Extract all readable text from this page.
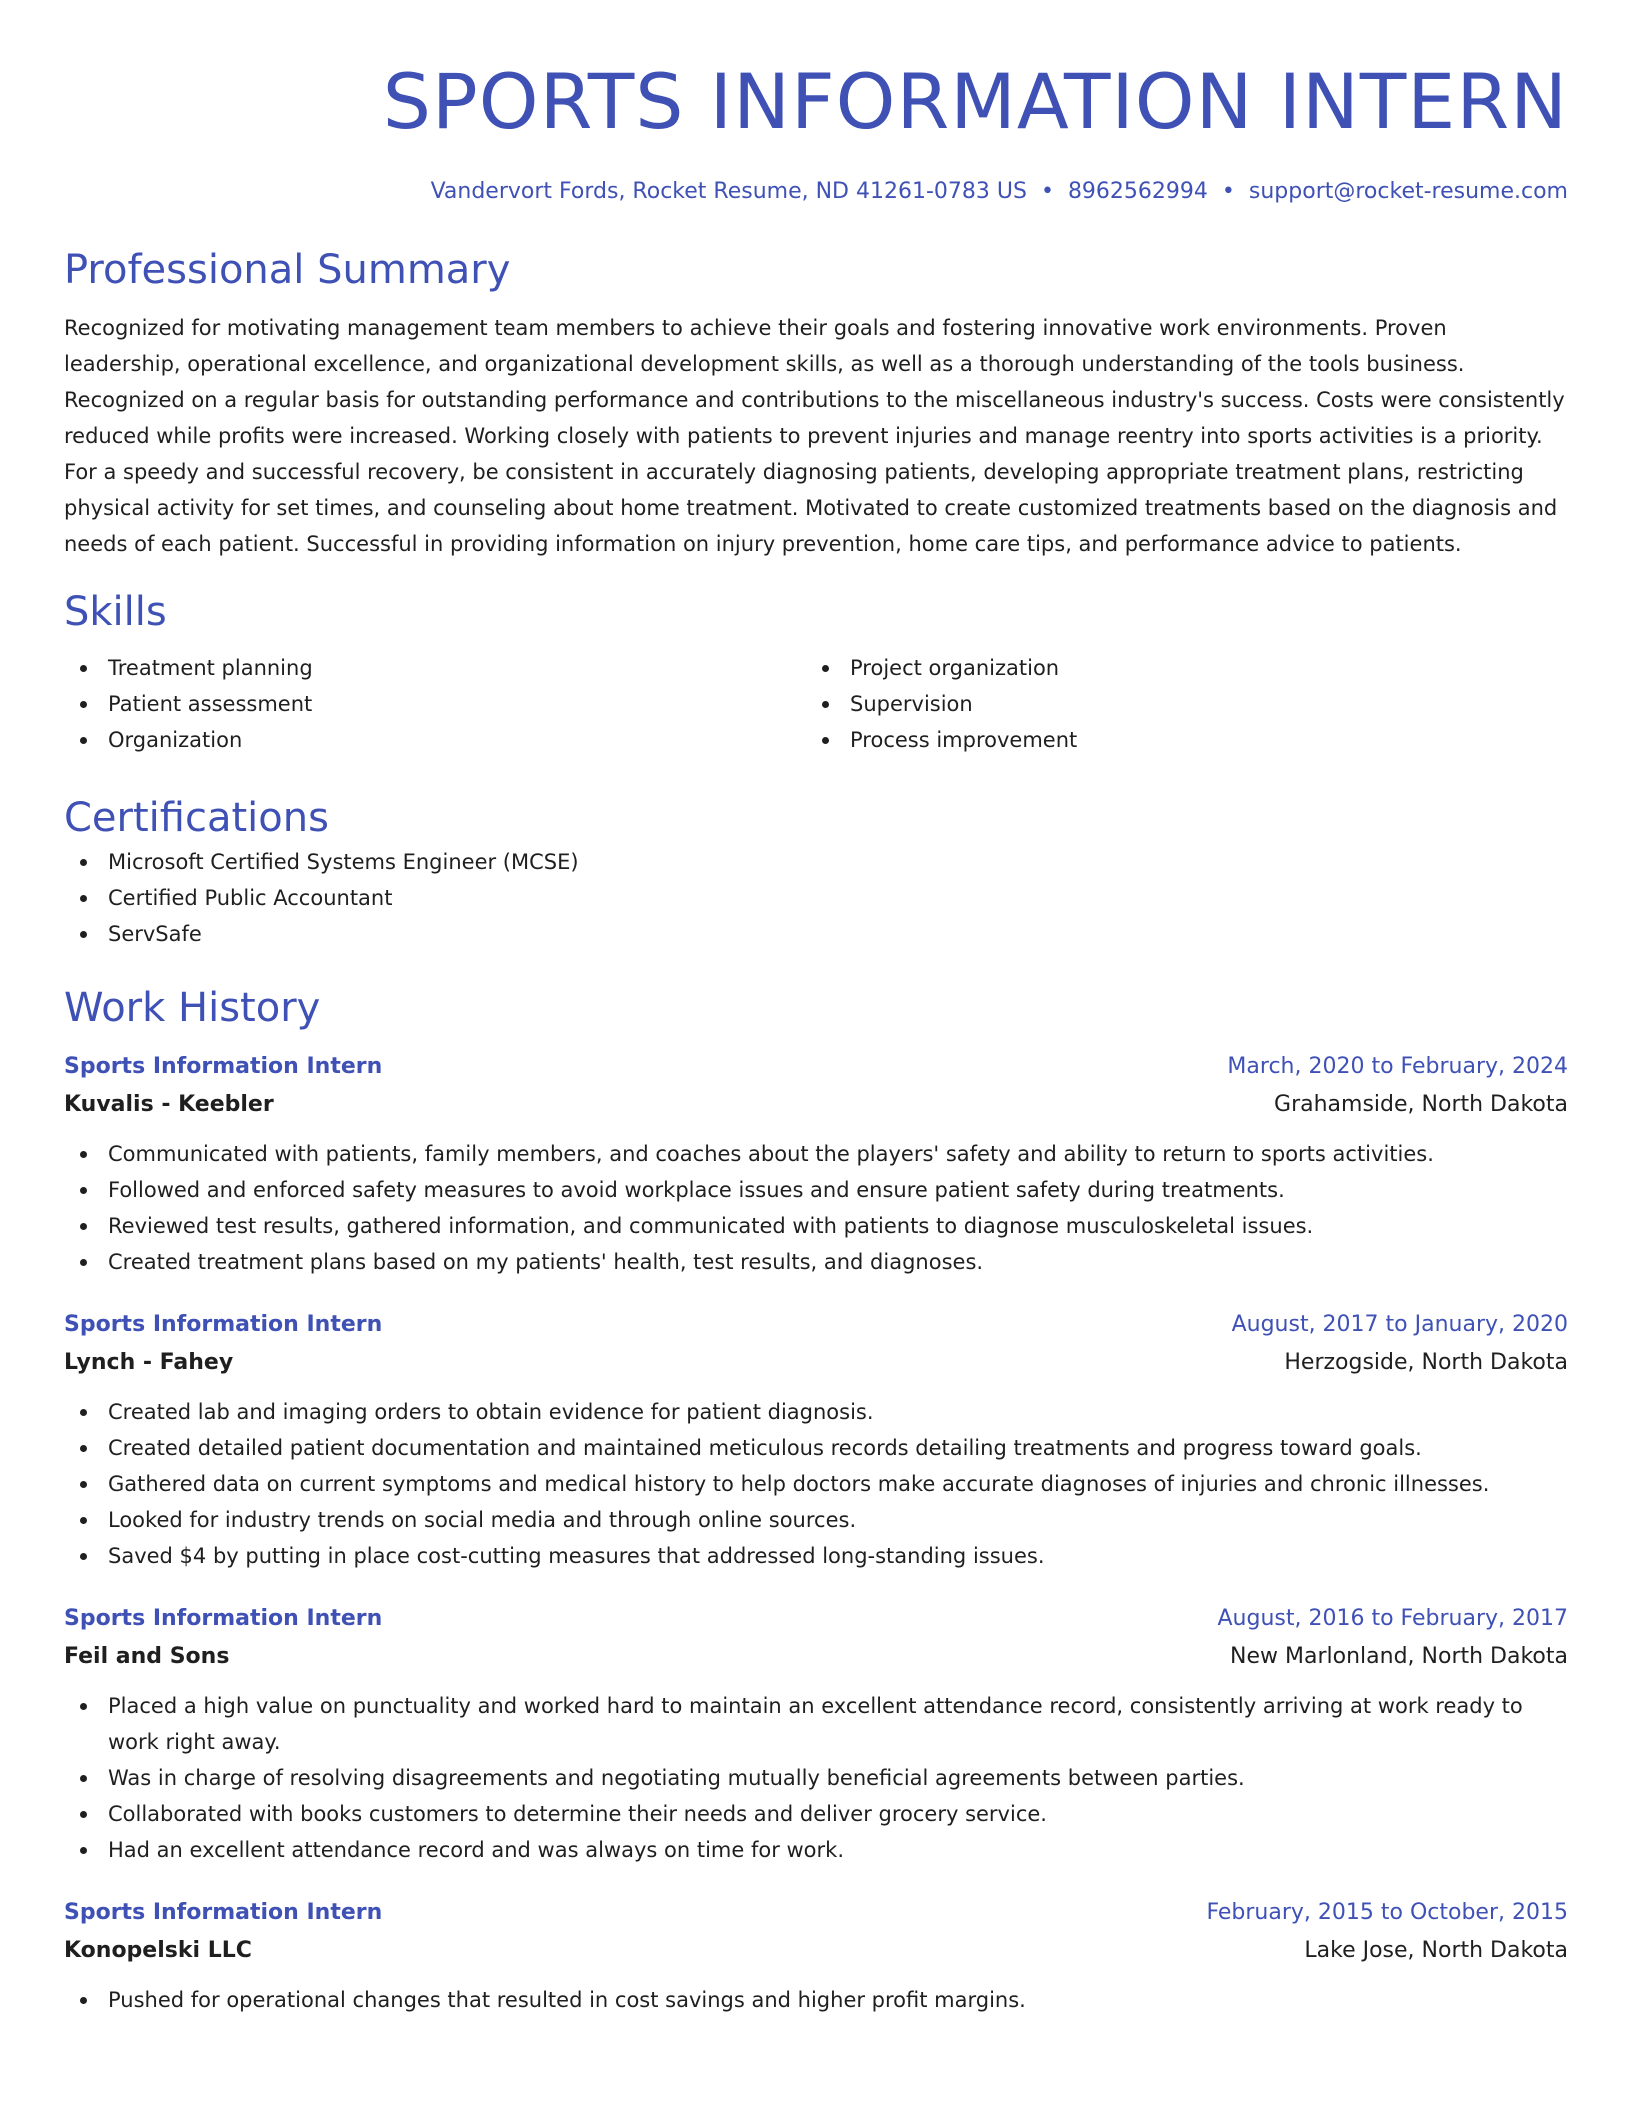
SPORTS INFORMATION INTERN
Vandervort Fords, Rocket Resume, ND 41261-0783 US • 8962562994 • support@rocket-resume.com
Professional Summary
Recognized for motivating management team members to achieve their goals and fostering innovative work environments. Proven leadership, operational excellence, and organizational development skills, as well as a thorough understanding of the tools business. Recognized on a regular basis for outstanding performance and contributions to the miscellaneous industry's success. Costs were consistently reduced while profits were increased. Working closely with patients to prevent injuries and manage reentry into sports activities is a priority. For a speedy and successful recovery, be consistent in accurately diagnosing patients, developing appropriate treatment plans, restricting physical activity for set times, and counseling about home treatment. Motivated to create customized treatments based on the diagnosis and needs of each patient. Successful in providing information on injury prevention, home care tips, and performance advice to patients.
Skills
Treatment planning
Patient assessment
Organization
Project organization
Supervision
Process improvement
Certifications
Microsoft Certified Systems Engineer (MCSE)
Certified Public Accountant
ServSafe
Work History
Sports Information Intern	March, 2020 to February, 2024
Kuvalis - Keebler	Grahamside, North Dakota
Communicated with patients, family members, and coaches about the players' safety and ability to return to sports activities.
Followed and enforced safety measures to avoid workplace issues and ensure patient safety during treatments.
Reviewed test results, gathered information, and communicated with patients to diagnose musculoskeletal issues.
Created treatment plans based on my patients' health, test results, and diagnoses.
Sports Information Intern	August, 2017 to January, 2020
Lynch - Fahey	Herzogside, North Dakota
Created lab and imaging orders to obtain evidence for patient diagnosis.
Created detailed patient documentation and maintained meticulous records detailing treatments and progress toward goals.
Gathered data on current symptoms and medical history to help doctors make accurate diagnoses of injuries and chronic illnesses.
Looked for industry trends on social media and through online sources.
Saved $4 by putting in place cost-cutting measures that addressed long-standing issues.
Sports Information Intern	August, 2016 to February, 2017
Feil and Sons	New Marlonland, North Dakota
Placed a high value on punctuality and worked hard to maintain an excellent attendance record, consistently arriving at work ready to work right away.
Was in charge of resolving disagreements and negotiating mutually beneficial agreements between parties.
Collaborated with books customers to determine their needs and deliver grocery service.
Had an excellent attendance record and was always on time for work.
Sports Information Intern	February, 2015 to October, 2015
Konopelski LLC	Lake Jose, North Dakota
Pushed for operational changes that resulted in cost savings and higher profit margins.
